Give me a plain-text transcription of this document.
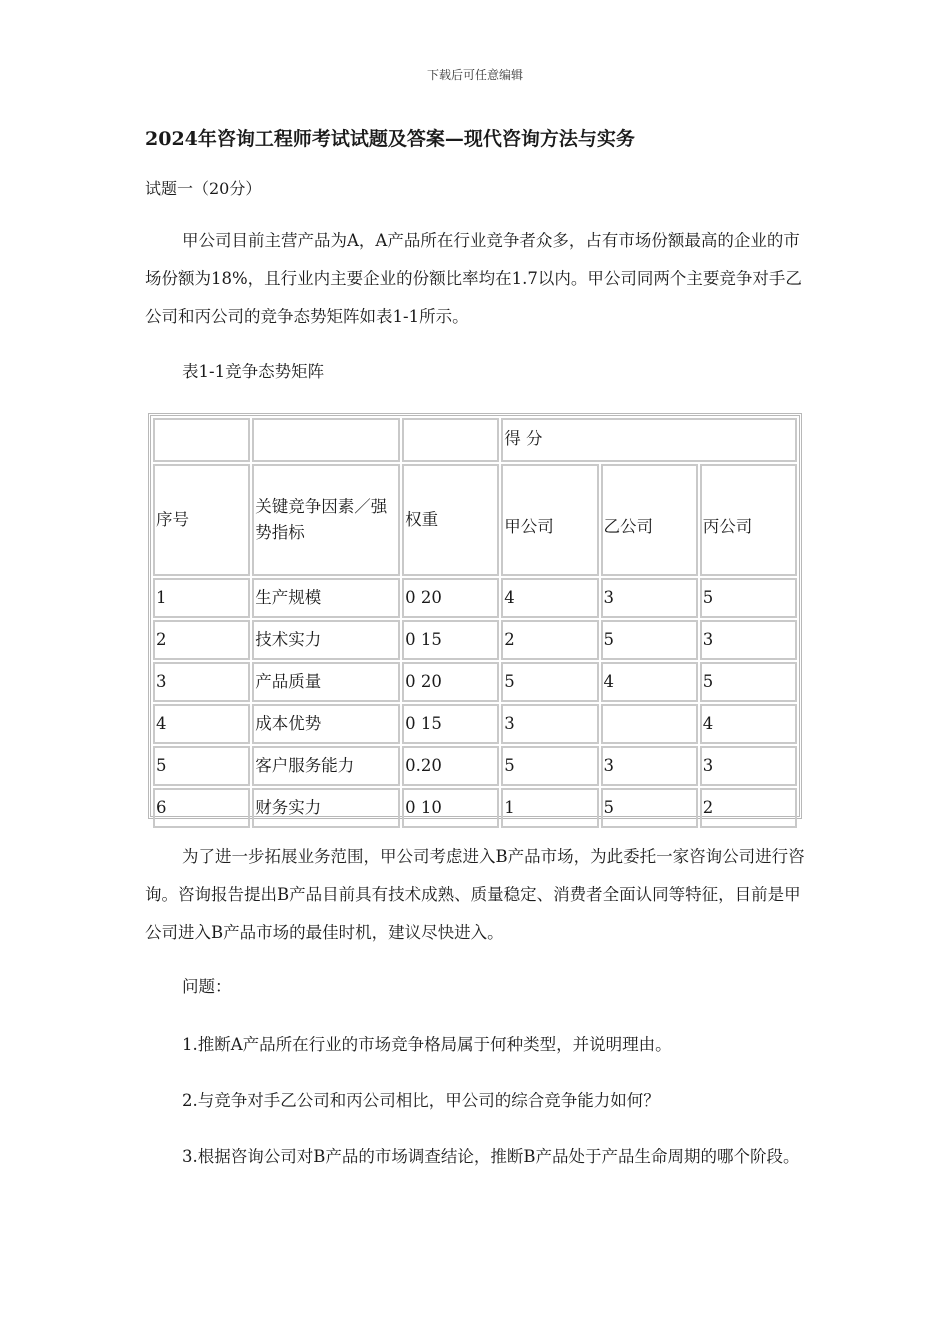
下载后可任意编辑
2024年咨询工程师考试试题及答案—现代咨询方法与实务
试题一（20分）

甲公司目前主营产品为A，A产品所在行业竞争者众多，占有市场份额最高的企业的市场份额为18%，且行业内主要企业的份额比率均在1.7以内。甲公司同两个主要竞争对手乙公司和丙公司的竞争态势矩阵如表1-1所示。

表1-1竞争态势矩阵
			得 分		
序号	关键竞争因素／强势指标	权重	甲公司	乙公司	丙公司

1	生产规模	0 20	4	3	5
2	技术实力	0 15	2	5	3
3	产品质量	0 20	5	4	5
4	成本优势	0 15	3		4
5	客户服务能力	0.20	5	3	3
6	财务实力	0 10	1	5	2

为了进一步拓展业务范围，甲公司考虑进入B产品市场，为此委托一家咨询公司进行咨询。咨询报告提出B产品目前具有技术成熟、质量稳定、消费者全面认同等特征，目前是甲公司进入B产品市场的最佳时机，建议尽快进入。

问题：

1.推断A产品所在行业的市场竞争格局属于何种类型，并说明理由。

2.与竞争对手乙公司和丙公司相比，甲公司的综合竞争能力如何？

3.根据咨询公司对B产品的市场调查结论，推断B产品处于产品生命周期的哪个阶段。
